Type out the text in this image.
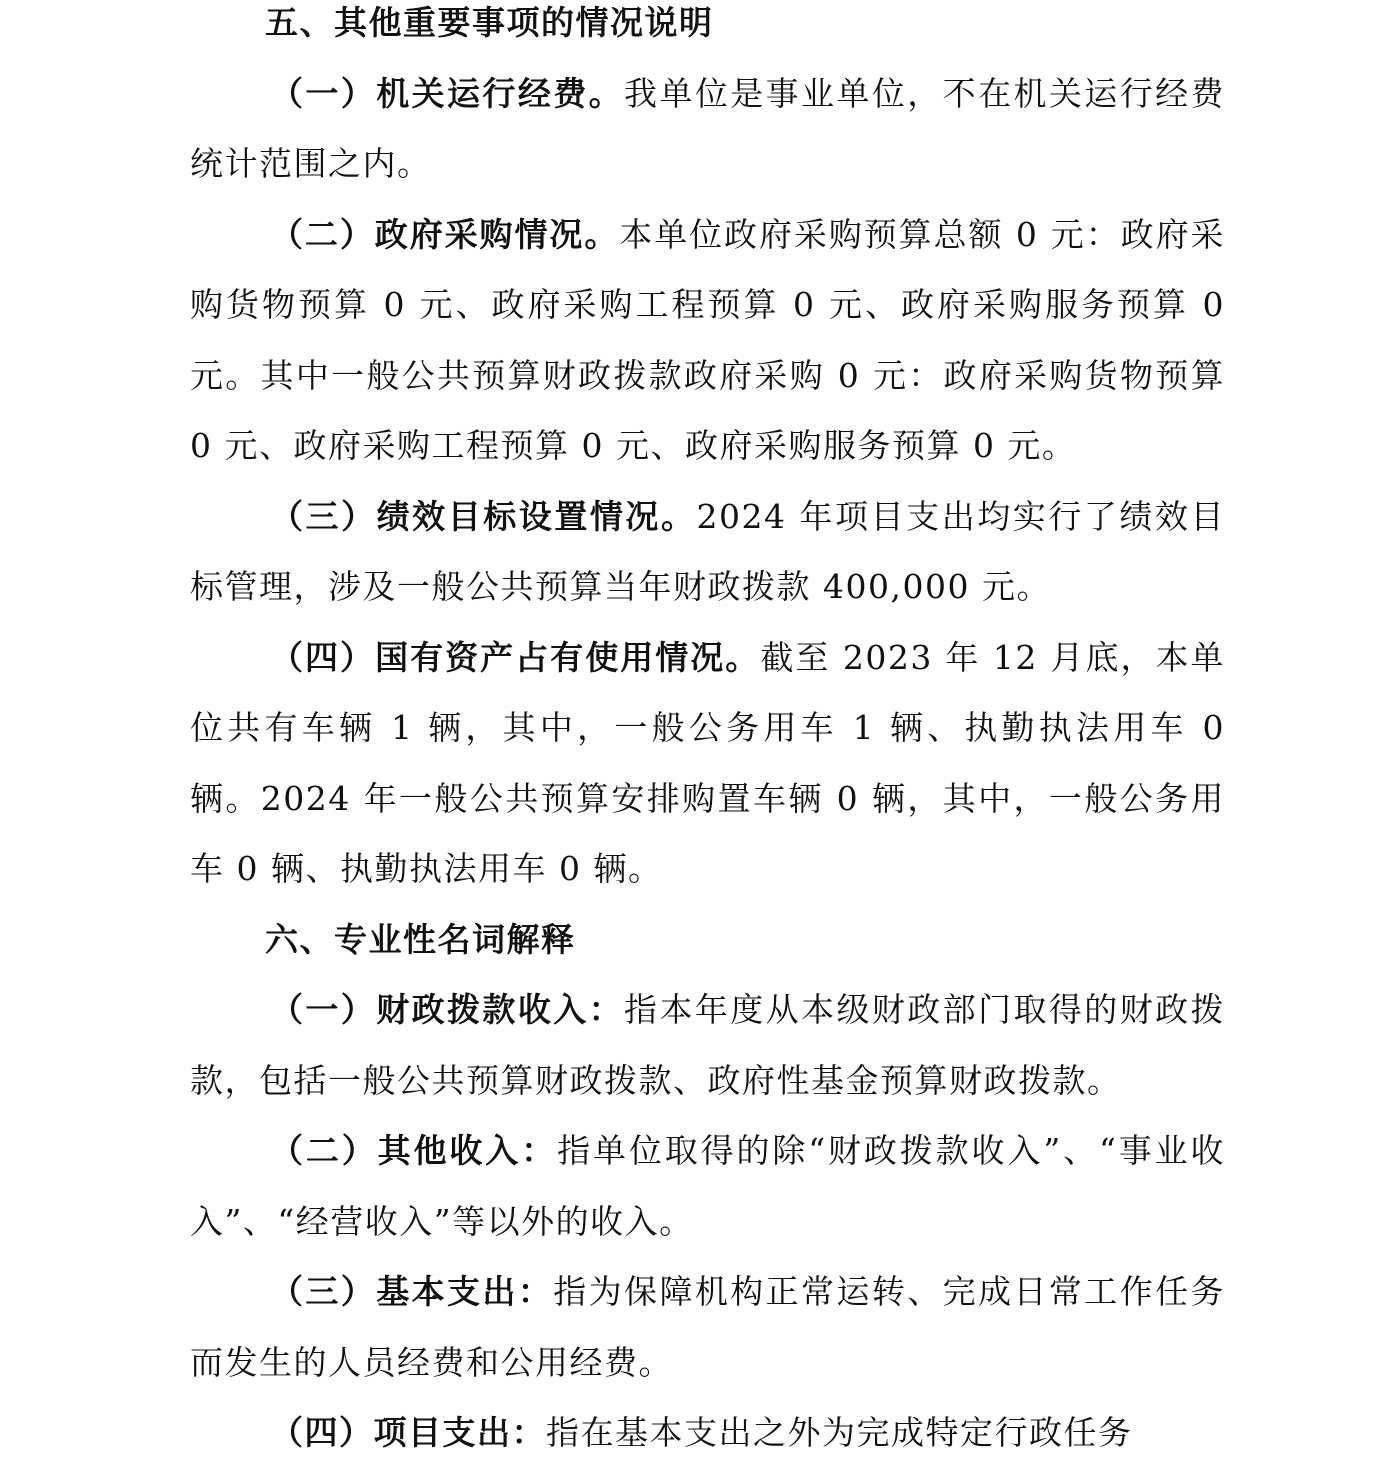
五、其他重要事项的情况说明

（一）机关运行经费。我单位是事业单位，不在机关运行经费统计范围之内。

（二）政府采购情况。本单位政府采购预算总额 0 元：政府采购货物预算 0 元、政府采购工程预算 0 元、政府采购服务预算 0 元。其中一般公共预算财政拨款政府采购 0 元：政府采购货物预算 0 元、政府采购工程预算 0 元、政府采购服务预算 0 元。

（三）绩效目标设置情况。2024 年项目支出均实行了绩效目标管理，涉及一般公共预算当年财政拨款 400,000 元。

（四）国有资产占有使用情况。截至 2023 年 12 月底，本单位共有车辆 1 辆，其中，一般公务用车 1 辆、执勤执法用车 0 辆。2024 年一般公共预算安排购置车辆 0 辆，其中，一般公务用车 0 辆、执勤执法用车 0 辆。

六、专业性名词解释

（一）财政拨款收入：指本年度从本级财政部门取得的财政拨款，包括一般公共预算财政拨款、政府性基金预算财政拨款。

（二）其他收入：指单位取得的除“财政拨款收入”、“事业收入”、“经营收入”等以外的收入。

（三）基本支出：指为保障机构正常运转、完成日常工作任务而发生的人员经费和公用经费。

（四）项目支出：指在基本支出之外为完成特定行政任务
